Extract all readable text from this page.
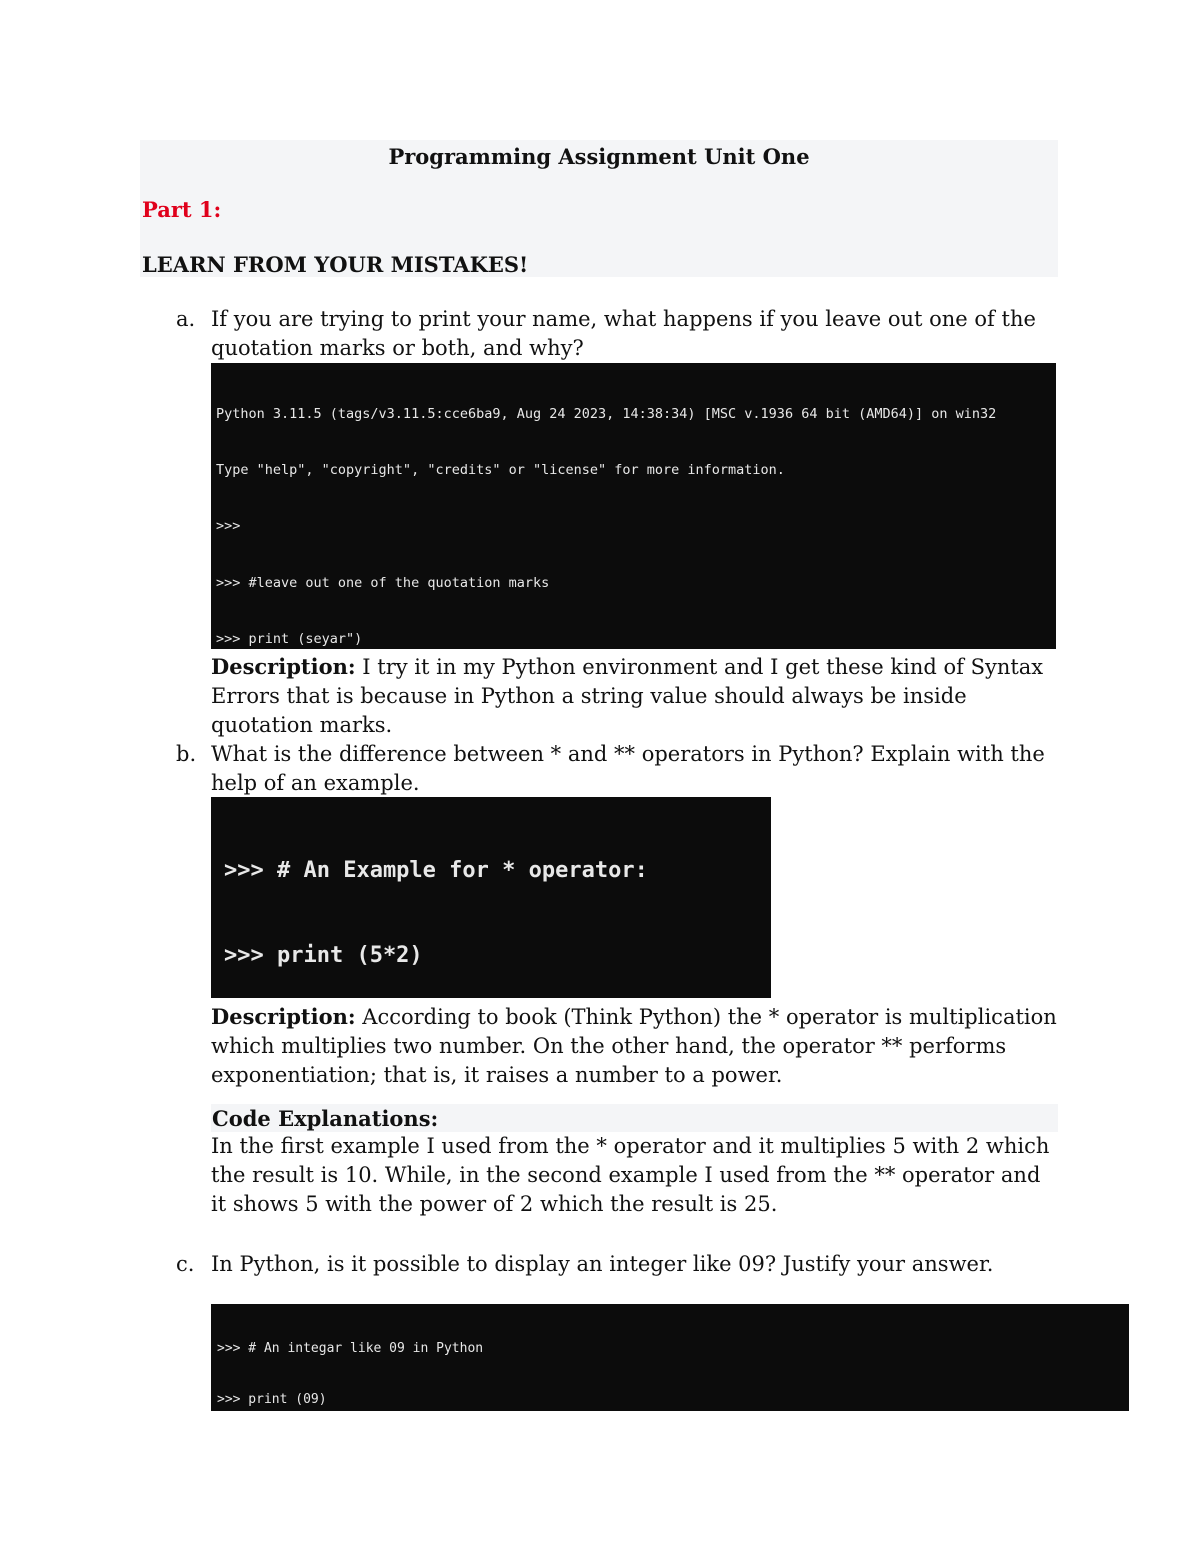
Programming Assignment Unit One
Part 1:
LEARN FROM YOUR MISTAKES!
a. If you are trying to print your name, what happens if you leave out one of the quotation marks or both, and why?

Python 3.11.5 (tags/v3.11.5:cce6ba9, Aug 24 2023, 14:38:34) [MSC v.1936 64 bit (AMD64)] on win32

Type "help", "copyright", "credits" or "license" for more information.

>>>

>>> #leave out one of the quotation marks

>>> print (seyar")

Description: I try it in my Python environment and I get these kind of Syntax Errors that is because in Python a string value should always be inside quotation marks.
b. What is the difference between * and ** operators in Python? Explain with the help of an example.

>>> # An Example for * operator:

>>> print (5*2)

Description: According to book (Think Python) the * operator is multiplication which multiplies two number. On the other hand, the operator ** performs exponentiation; that is, it raises a number to a power.
Code Explanations:
In the first example I used from the * operator and it multiplies 5 with 2 which the result is 10. While, in the second example I used from the ** operator and it shows 5 with the power of 2 which the result is 25.
c. In Python, is it possible to display an integer like 09? Justify your answer.

>>> # An integar like 09 in Python

>>> print (09)
